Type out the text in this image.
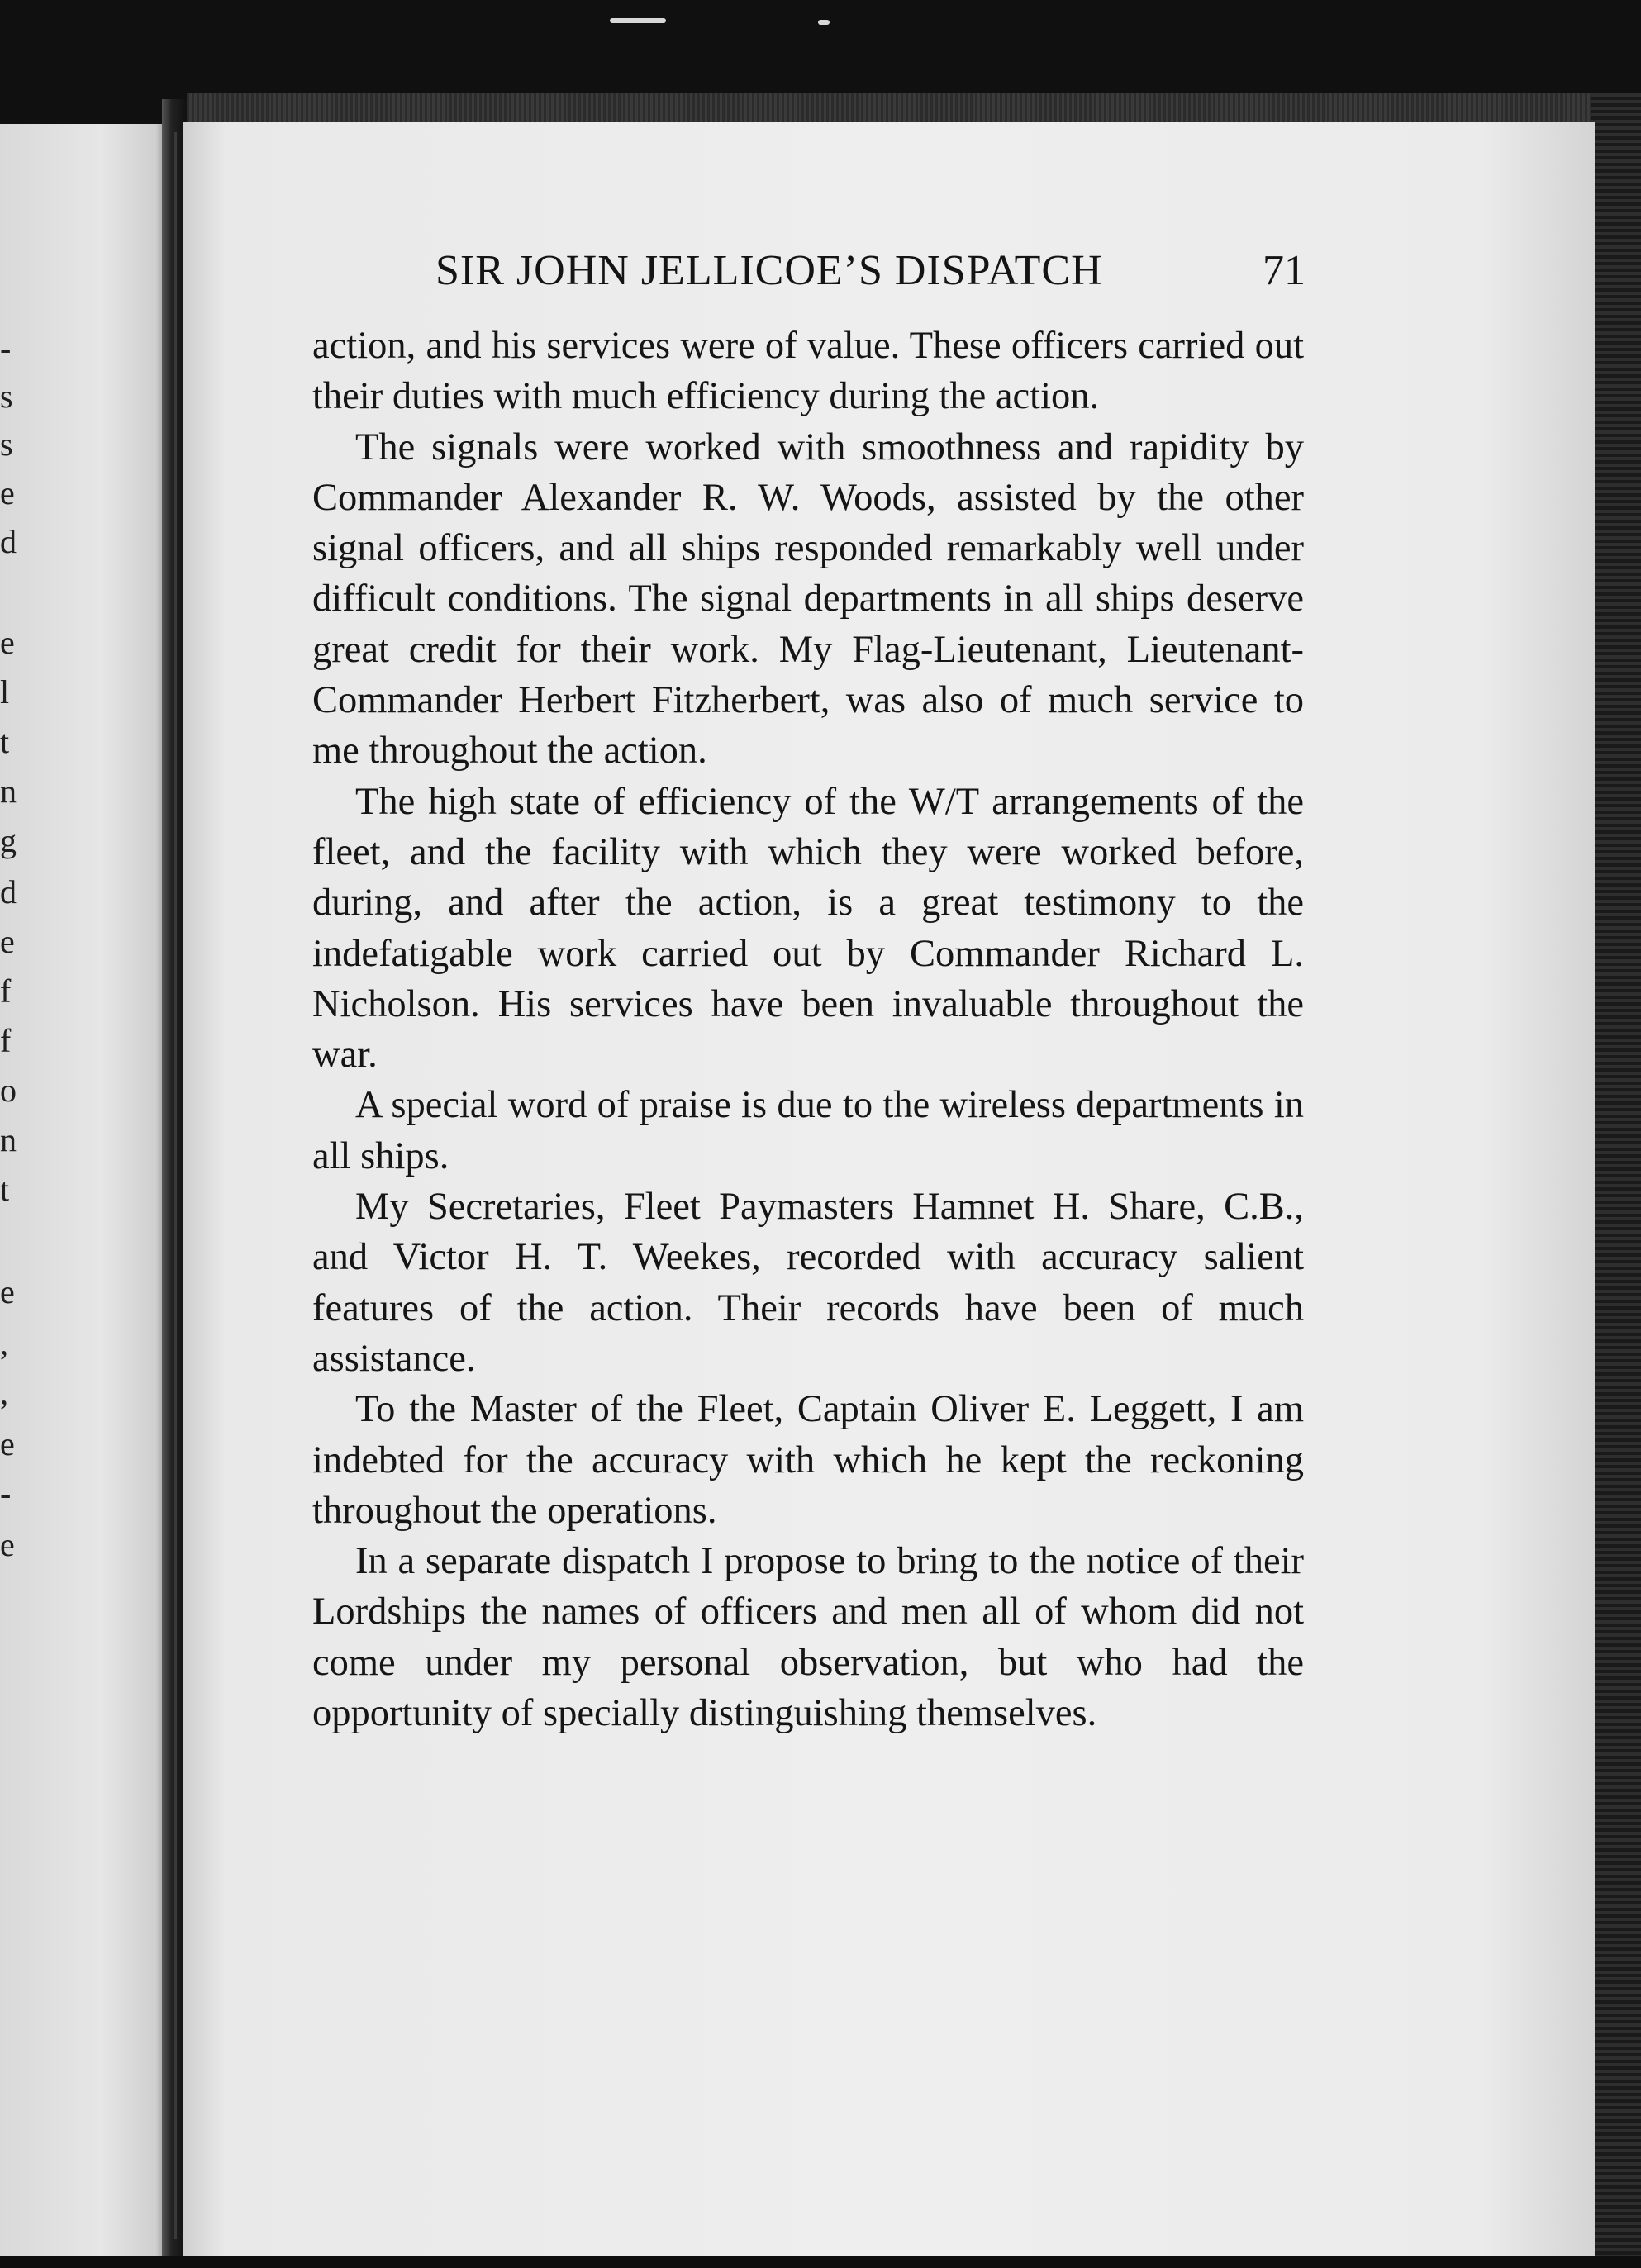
-
s
s
e
d
e
l
t
n
g
d
e
f
f
o
n
t
e
,
,
e
-
e
SIR JOHN JELLICOE’S DISPATCH	71

action, and his services were of value. These officers carried out their duties with much efficiency during the action.

The signals were worked with smoothness and rapidity by Commander Alexander R. W. Woods, assisted by the other signal officers, and all ships responded remarkably well under difficult conditions. The signal departments in all ships deserve great credit for their work. My Flag-Lieutenant, Lieutenant-Commander Herbert Fitzherbert, was also of much service to me throughout the action.

The high state of efficiency of the W/T arrangements of the fleet, and the facility with which they were worked before, during, and after the action, is a great testimony to the indefatigable work carried out by Commander Richard L. Nicholson. His services have been invaluable throughout the war.

A special word of praise is due to the wireless departments in all ships.

My Secretaries, Fleet Paymasters Hamnet H. Share, C.B., and Victor H. T. Weekes, recorded with accuracy salient features of the action. Their records have been of much assistance.

To the Master of the Fleet, Captain Oliver E. Leggett, I am indebted for the accuracy with which he kept the reckoning throughout the operations.

In a separate dispatch I propose to bring to the notice of their Lordships the names of officers and men all of whom did not come under my personal observation, but who had the opportunity of specially distinguishing themselves.
